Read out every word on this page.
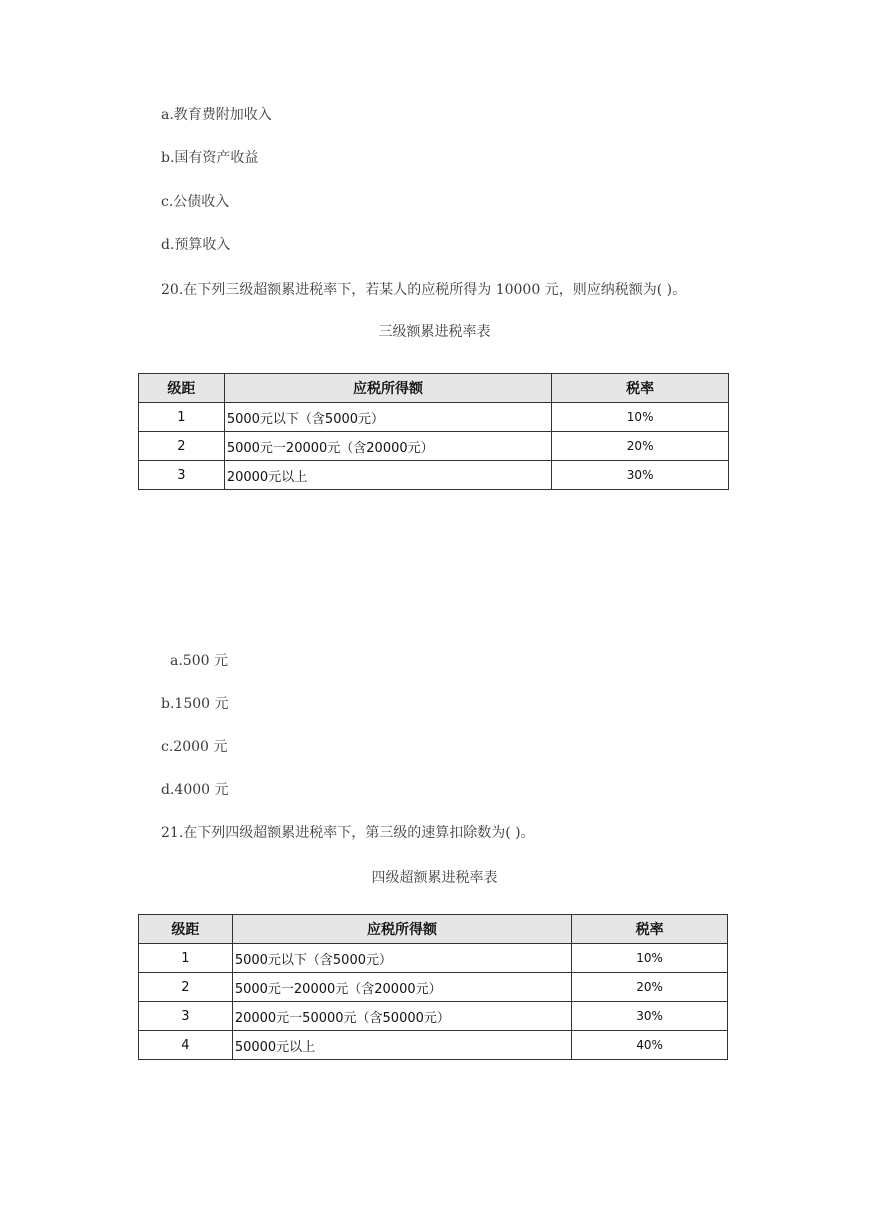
a.教育费附加收入
b.国有资产收益
c.公债收入
d.预算收入
20.在下列三级超额累进税率下，若某人的应税所得为 10000 元，则应纳税额为( )。
三级额累进税率表
级距	应税所得额	税率
1	5000元以下（含5000元）	10%
2	5000元一20000元（含20000元）	20%
3	20000元以上	30%
a.500 元
b.1500 元
c.2000 元
d.4000 元
21.在下列四级超额累进税率下，第三级的速算扣除数为( )。
四级超额累进税率表
级距	应税所得额	税率
1	5000元以下（含5000元）	10%
2	5000元一20000元（含20000元）	20%
3	20000元一50000元（含50000元）	30%
4	50000元以上	40%
